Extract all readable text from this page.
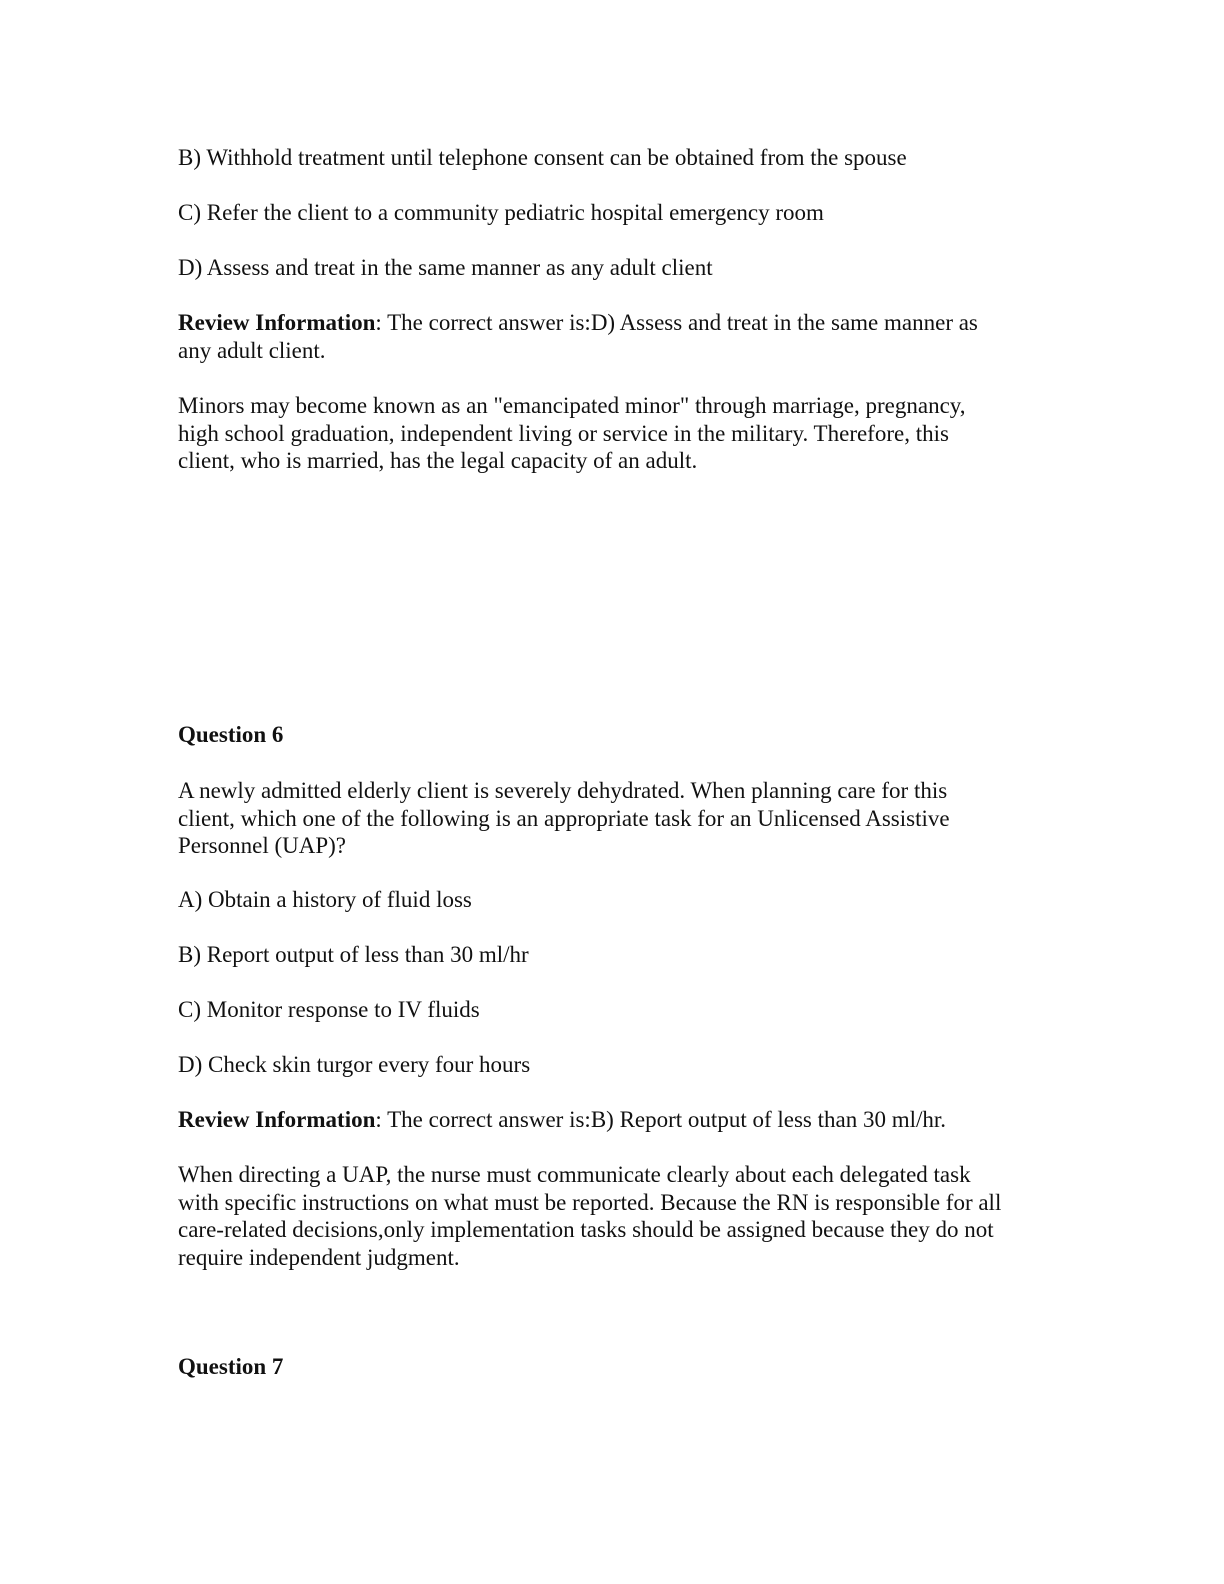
B) Withhold treatment until telephone consent can be obtained from the spouse

C) Refer the client to a community pediatric hospital emergency room

D) Assess and treat in the same manner as any adult client

Review Information: The correct answer is:D) Assess and treat in the same manner as
any adult client.
Minors may become known as an "emancipated minor" through marriage, pregnancy,
high school graduation, independent living or service in the military. Therefore, this
client, who is married, has the legal capacity of an adult.

Question 6

A newly admitted elderly client is severely dehydrated. When planning care for this
client, which one of the following is an appropriate task for an Unlicensed Assistive
Personnel (UAP)?

A) Obtain a history of fluid loss

B) Report output of less than 30 ml/hr

C) Monitor response to IV fluids

D) Check skin turgor every four hours

Review Information: The correct answer is:B) Report output of less than 30 ml/hr.
When directing a UAP, the nurse must communicate clearly about each delegated task
with specific instructions on what must be reported. Because the RN is responsible for all
care-related decisions,only implementation tasks should be assigned because they do not
require independent judgment.

Question 7
